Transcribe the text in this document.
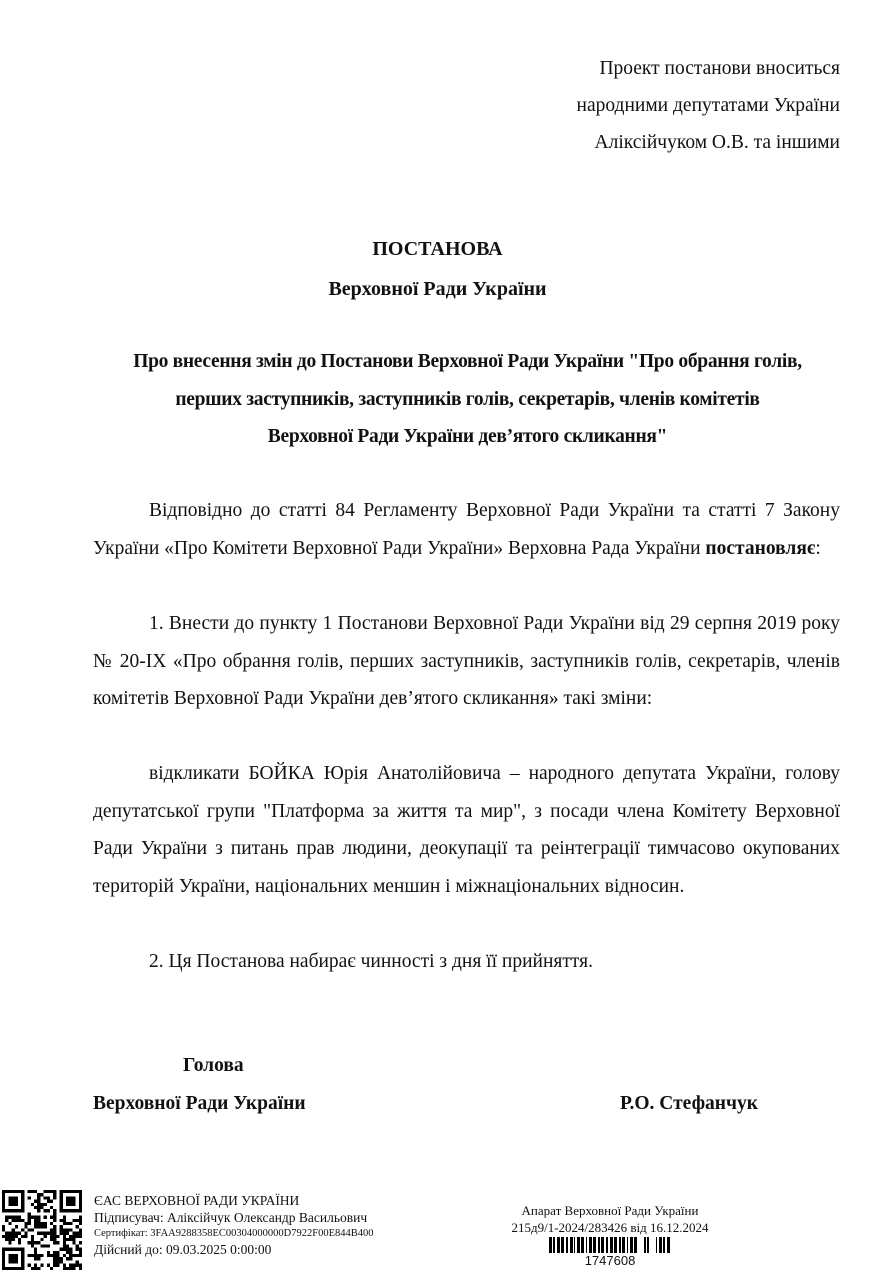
Проект постанови вноситься
народними депутатами України
Аліксійчуком О.В. та іншими
ПОСТАНОВА
Верховної Ради України
Про внесення змін до Постанови Верховної Ради України "Про обрання голів,
перших заступників, заступників голів, секретарів, членів комітетів
Верховної Ради України дев’ятого скликання"
Відповідно до статті 84 Регламенту Верховної Ради України та статті 7 Закону України «Про Комітети Верховної Ради України» Верховна Рада України постановляє:
1. Внести до пункту 1 Постанови Верховної Ради України від 29 серпня 2019 року № 20-IX «Про обрання голів, перших заступників, заступників голів, секретарів, членів комітетів Верховної Ради України дев’ятого скликання» такі зміни:
відкликати БОЙКА Юрія Анатолійовича – народного депутата України, голову депутатської групи "Платформа за життя та мир", з посади члена Комітету Верховної Ради України з питань прав людини, деокупації та реінтеграції тимчасово окупованих територій України, національних меншин і міжнаціональних відносин.
2. Ця Постанова набирає чинності з дня її прийняття.
Голова
Верховної Ради України	Р.О. Стефанчук
ЄАС ВЕРХОВНОЇ РАДИ УКРАЇНИ
Підписувач: Аліксійчук Олександр Васильович
Сертифікат: 3FAA9288358EC00304000000D7922F00E844B400
Дійсний до: 09.03.2025 0:00:00
Апарат Верховної Ради України
215д9/1-2024/283426 від 16.12.2024
1747608
